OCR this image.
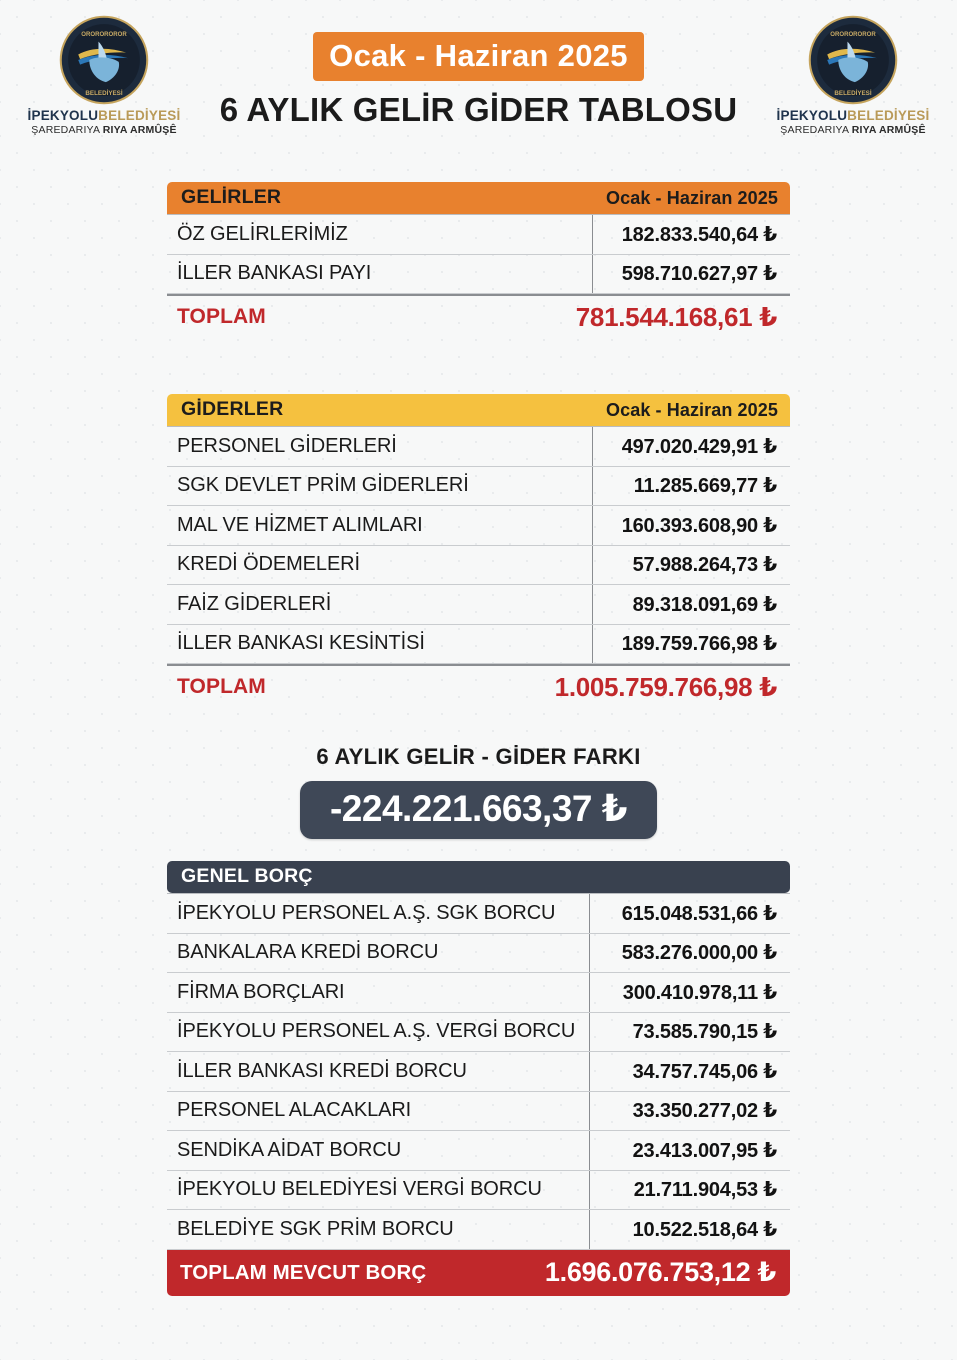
OROROROROR
BELEDİYESİ
İPEKYOLUBELEDİYESİ
ŞAREDARIYA RIYA ARMÛŞÊ
Ocak - Haziran 2025
6 AYLIK GELİR GİDER TABLOSU
OROROROROR
BELEDİYESİ
İPEKYOLUBELEDİYESİ
ŞAREDARIYA RIYA ARMÛŞÊ
GELİRLER	Ocak - Haziran 2025
ÖZ GELİRLERİMİZ	182.833.540,64 ₺
İLLER BANKASI PAYI	598.710.627,97 ₺
TOPLAM	781.544.168,61 ₺
GİDERLER	Ocak - Haziran 2025
PERSONEL GİDERLERİ	497.020.429,91 ₺
SGK DEVLET PRİM GİDERLERİ	11.285.669,77 ₺
MAL VE HİZMET ALIMLARI	160.393.608,90 ₺
KREDİ ÖDEMELERİ	57.988.264,73 ₺
FAİZ GİDERLERİ	89.318.091,69 ₺
İLLER BANKASI KESİNTİSİ	189.759.766,98 ₺
TOPLAM	1.005.759.766,98 ₺
6 AYLIK GELİR - GİDER FARKI
-224.221.663,37 ₺
GENEL BORÇ
İPEKYOLU PERSONEL A.Ş. SGK BORCU	615.048.531,66 ₺
BANKALARA KREDİ BORCU	583.276.000,00 ₺
FİRMA BORÇLARI	300.410.978,11 ₺
İPEKYOLU PERSONEL A.Ş. VERGİ BORCU	73.585.790,15 ₺
İLLER BANKASI KREDİ BORCU	34.757.745,06 ₺
PERSONEL ALACAKLARI	33.350.277,02 ₺
SENDİKA AİDAT BORCU	23.413.007,95 ₺
İPEKYOLU BELEDİYESİ VERGİ BORCU	21.711.904,53 ₺
BELEDİYE SGK PRİM BORCU	10.522.518,64 ₺
TOPLAM MEVCUT BORÇ	1.696.076.753,12 ₺
